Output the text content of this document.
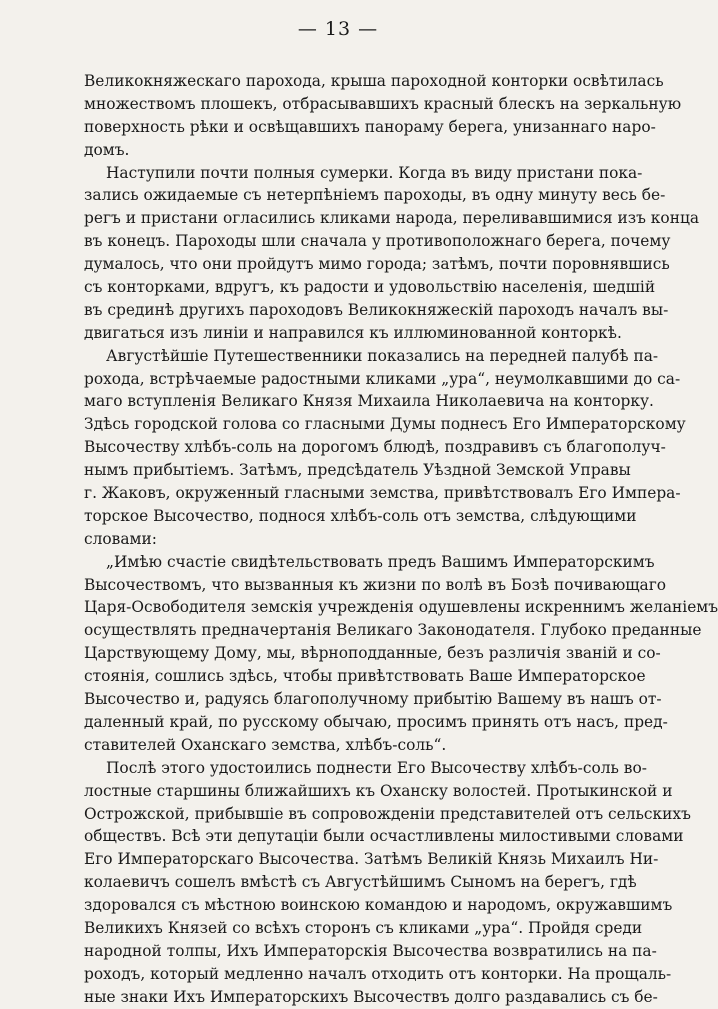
— 13 —
Великокняжескаго парохода, крыша пароходной конторки освѣтилась
множествомъ плошекъ, отбрасывавшихъ красный блескъ на зеркальную
поверхность рѣки и освѣщавшихъ панораму берега, унизаннаго наро-
домъ.
Наступили почти полныя сумерки. Когда въ виду пристани пока-
зались ожидаемые съ нетерпѣніемъ пароходы, въ одну минуту весь бе-
регъ и пристани огласились кликами народа, переливавшимися изъ конца
въ конецъ. Пароходы шли сначала у противоположнаго берега, почему
думалось, что они пройдутъ мимо города; затѣмъ, почти поровнявшись
съ конторками, вдругъ, къ радости и удовольствію населенія, шедшій
въ срединѣ другихъ пароходовъ Великокняжескій пароходъ началъ вы-
двигаться изъ линіи и направился къ иллюминованной конторкѣ.
Августѣйшіе Путешественники показались на передней палубѣ па-
рохода, встрѣчаемые радостными кликами „ура“, неумолкавшими до са-
маго вступленія Великаго Князя Михаила Николаевича на конторку.
Здѣсь городской голова со гласными Думы поднесъ Его Императорскому
Высочеству хлѣбъ-соль на дорогомъ блюдѣ, поздравивъ съ благополуч-
нымъ прибытіемъ. Затѣмъ, предсѣдатель Уѣздной Земской Управы
г. Жаковъ, окруженный гласными земства, привѣтствовалъ Его Импера-
торское Высочество, поднося хлѣбъ-соль отъ земства, слѣдующими
словами:
„Имѣю счастіе свидѣтельствовать предъ Вашимъ Императорскимъ
Высочествомъ, что вызванныя къ жизни по волѣ въ Бозѣ почивающаго
Царя-Освободителя земскія учрежденія одушевлены искреннимъ желаніемъ
осуществлять предначертанія Великаго Законодателя. Глубоко преданные
Царствующему Дому, мы, вѣрноподданные, безъ различія званій и со-
стоянія, сошлись здѣсь, чтобы привѣтствовать Ваше Императорское
Высочество и, радуясь благополучному прибытію Вашему въ нашъ от-
даленный край, по русскому обычаю, просимъ принять отъ насъ, пред-
ставителей Оханскаго земства, хлѣбъ-соль“.
Послѣ этого удостоились поднести Его Высочеству хлѣбъ-соль во-
лостные старшины ближайшихъ къ Оханску волостей. Протыкинской и
Острожской, прибывшіе въ сопровожденіи представителей отъ сельскихъ
обществъ. Всѣ эти депутаціи были осчастливлены милостивыми словами
Его Императорскаго Высочества. Затѣмъ Великій Князь Михаилъ Ни-
колаевичъ сошелъ вмѣстѣ съ Августѣйшимъ Сыномъ на берегъ, гдѣ
здоровался съ мѣстною воинскою командою и народомъ, окружавшимъ
Великихъ Князей со всѣхъ сторонъ съ кликами „ура“. Пройдя среди
народной толпы, Ихъ Императорскія Высочества возвратились на па-
роходъ, который медленно началъ отходить отъ конторки. На прощаль-
ные знаки Ихъ Императорскихъ Высочествъ долго раздавались съ бе-
